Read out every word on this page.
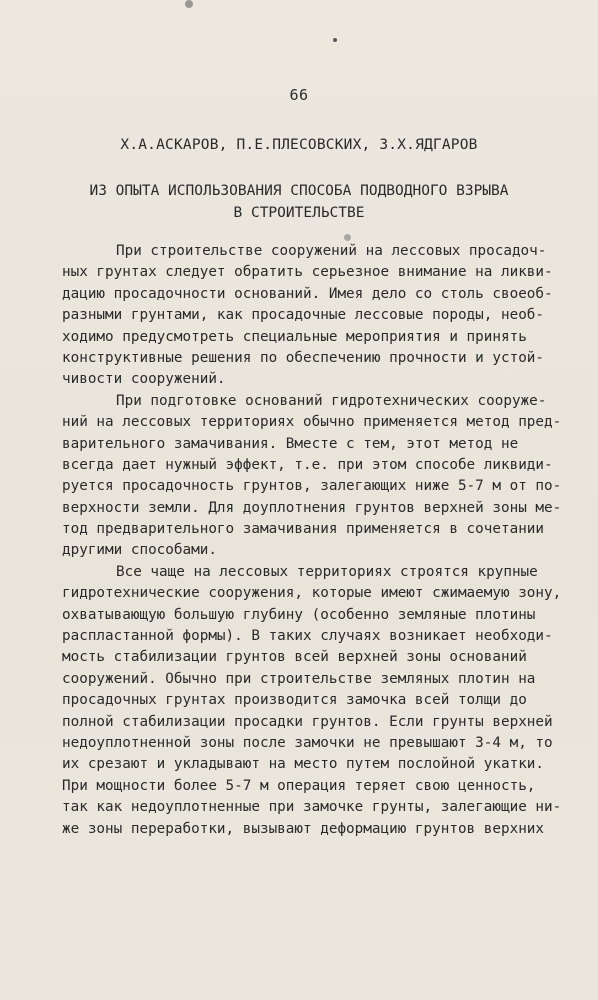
66
Х.А.АСКАРОВ, П.Е.ПЛЕСОВСКИХ, З.Х.ЯДГАРОВ
ИЗ ОПЫТА ИСПОЛЬЗОВАНИЯ СПОСОБА ПОДВОДНОГО ВЗРЫВА
В СТРОИТЕЛЬСТВЕ
При строительстве сооружений на лессовых просадоч-
ных грунтах следует обратить серьезное внимание на ликви-
дацию просадочности оснований. Имея дело со столь своеоб-
разными грунтами, как просадочные лессовые породы, необ-
ходимо предусмотреть специальные мероприятия и принять
конструктивные решения по обеспечению прочности и устой-
чивости сооружений.
При подготовке оснований гидротехнических сооруже-
ний на лессовых территориях обычно применяется метод пред-
варительного замачивания. Вместе с тем, этот метод не
всегда дает нужный эффект, т.е. при этом способе ликвиди-
руется просадочность грунтов, залегающих ниже 5-7 м от по-
верхности земли. Для доуплотнения грунтов верхней зоны ме-
тод предварительного замачивания применяется в сочетании
другими способами.
Все чаще на лессовых территориях строятся крупные
гидротехнические сооружения, которые имеют сжимаемую зону,
охватывающую большую глубину (особенно земляные плотины
распластанной формы). В таких случаях возникает необходи-
мость стабилизации грунтов всей верхней зоны оснований
сооружений. Обычно при строительстве земляных плотин на
просадочных грунтах производится замочка всей толщи до
полной стабилизации просадки грунтов. Если грунты верхней
недоуплотненной зоны после замочки не превышают 3-4 м, то
их срезают и укладывают на место путем послойной укатки.
При мощности более 5-7 м операция теряет свою ценность,
так как недоуплотненные при замочке грунты, залегающие ни-
же зоны переработки, вызывают деформацию грунтов верхних
